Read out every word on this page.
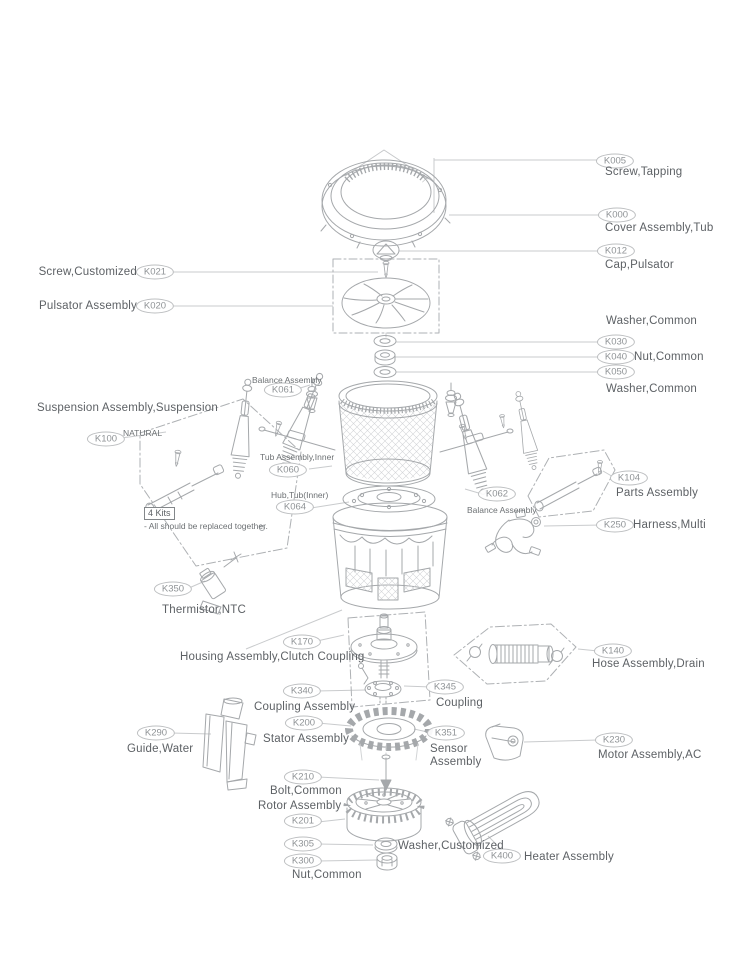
K005
K000
K012
K021
K020
K030
K040
K050
K061
K100
K060
K064
K062
K104
K250
K350
K170
K140
K340	K345
K200
K351
K290
K230
K210
K201
K305
K300	K400
Screw,Tapping
Cover Assembly,Tub
Cap,Pulsator
Screw,Customized
Pulsator Assembly
Washer,Common
Nut,Common
Washer,Common
Balance Assembly
Suspension Assembly,Suspension
NATURAL
Tub Assembly,Inner
Hub,Tub(Inner)
Balance Assembly
Parts Assembly
4 Kits
- All should be replaced together.	Harness,Multi
Thermistor,NTC
Housing Assembly,Clutch Coupling
Hose Assembly,Drain
Coupling Assembly	Coupling
Stator Assembly
Sensor Assembly
Guide,Water	Motor Assembly,AC
Bolt,Common
Rotor Assembly
Washer,Customized
Nut,Common
Heater Assembly
